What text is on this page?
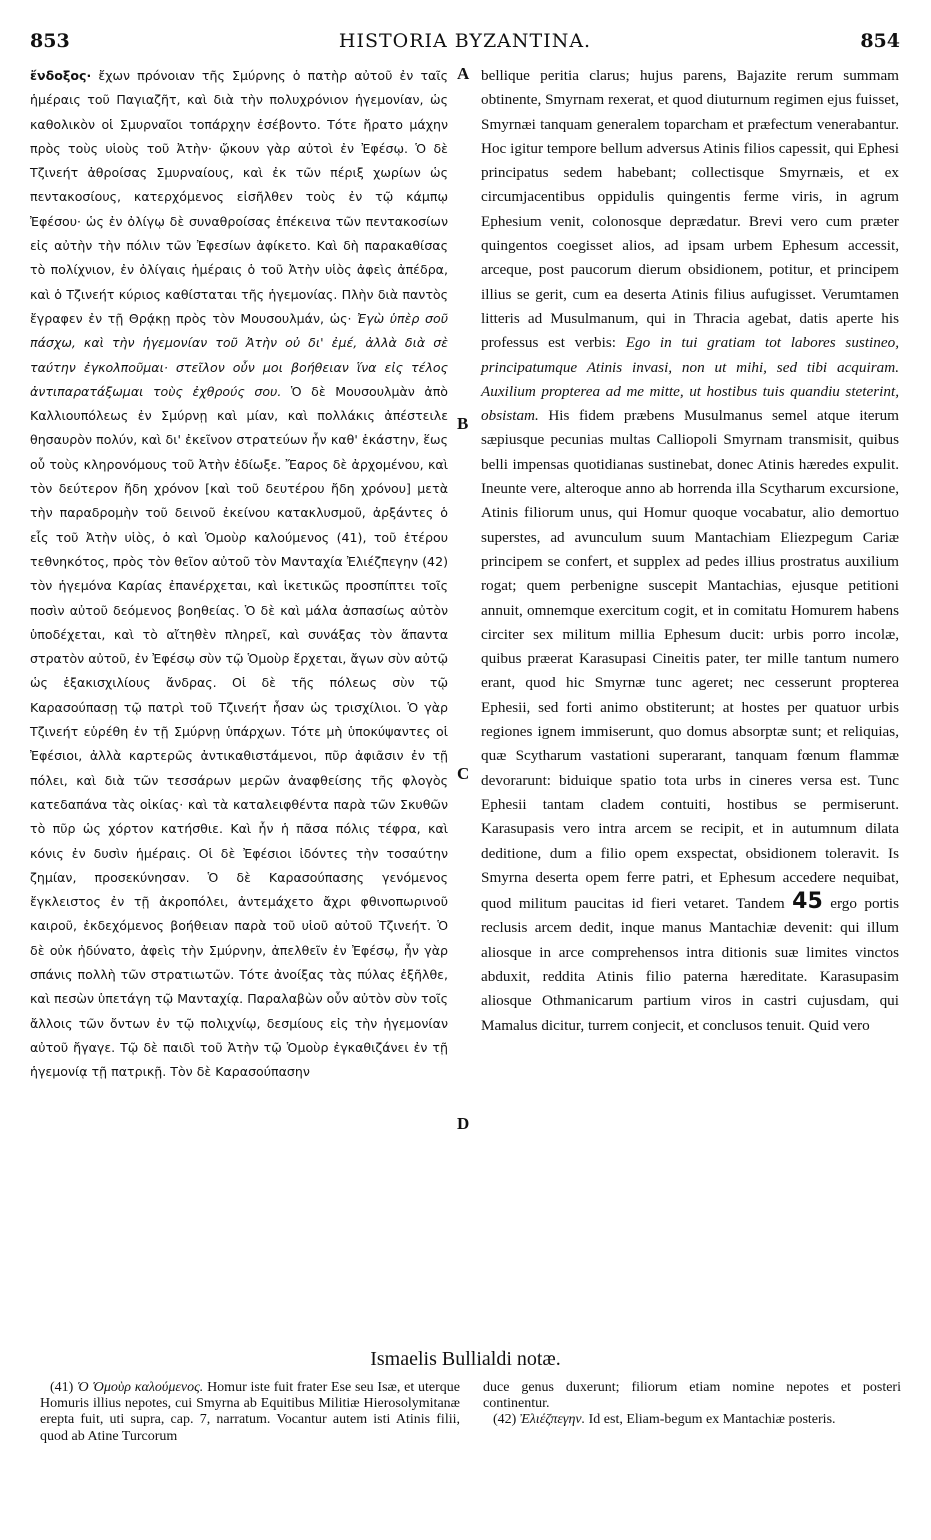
853	HISTORIA BYZANTINA.	854

ἔνδοξος· ἔχων πρόνοιαν τῆς Σμύρνης ὁ πατὴρ αὐτοῦ ἐν ταῖς ἡμέραις τοῦ Παγιαζῆτ, καὶ διὰ τὴν πολυχρόνιον ἡγεμονίαν, ὡς καθολικὸν οἱ Σμυρναῖοι τοπάρχην ἐσέβοντο. Τότε ἤρατο μάχην πρὸς τοὺς υἱοὺς τοῦ Ἀτὴν· ᾤκουν γὰρ αὐτοὶ ἐν Ἐφέσῳ. Ὁ δὲ Τζινεήτ ἀθροίσας Σμυρναίους, καὶ ἐκ τῶν πέριξ χωρίων ὡς πεντακοσίους, κατερχόμενος εἰσῆλθεν τοὺς ἐν τῷ κάμπῳ Ἐφέσου· ὡς ἐν ὀλίγῳ δὲ συναθροίσας ἐπέκεινα τῶν πεντακοσίων εἰς αὐτὴν τὴν πόλιν τῶν Ἐφεσίων ἀφίκετο. Καὶ δὴ παρακαθίσας τὸ πολίχνιον, ἐν ὀλίγαις ἡμέραις ὁ τοῦ Ἀτὴν υἱὸς ἀφεὶς ἀπέδρα, καὶ ὁ Τζινεήτ κύριος καθίσταται τῆς ἡγεμονίας. Πλὴν διὰ παντὸς ἔγραφεν ἐν τῇ Θρᾴκῃ πρὸς τὸν Μουσουλμάν, ὡς· Ἐγὼ ὑπὲρ σοῦ πάσχω, καὶ τὴν ἡγεμονίαν τοῦ Ἀτὴν οὐ δι' ἐμέ, ἀλλὰ διὰ σὲ ταύτην ἐγκολποῦμαι· στεῖλον οὖν μοι βοήθειαν ἵνα εἰς τέλος ἀντιπαρατάξωμαι τοὺς ἐχθρούς σου. Ὁ δὲ Μουσουλμὰν ἀπὸ Καλλιουπόλεως ἐν Σμύρνῃ καὶ μίαν, καὶ πολλάκις ἀπέστειλε θησαυρὸν πολύν, καὶ δι' ἐκεῖνον στρατεύων ἦν καθ' ἑκάστην, ἕως οὗ τοὺς κληρονόμους τοῦ Ἀτὴν ἐδίωξε. Ἔαρος δὲ ἀρχομένου, καὶ τὸν δεύτερον ἤδη χρόνον [καὶ τοῦ δευτέρου ἤδη χρόνου] μετὰ τὴν παραδρομὴν τοῦ δεινοῦ ἐκείνου κατακλυσμοῦ, ἀρξάντες ὁ εἷς τοῦ Ἀτὴν υἱὸς, ὁ καὶ Ὁμοὺρ καλούμενος (41), τοῦ ἑτέρου τεθνηκότος, πρὸς τὸν θεῖον αὐτοῦ τὸν Μανταχία Ἐλιέζπεγην (42) τὸν ἡγεμόνα Καρίας ἐπανέρχεται, καὶ ἱκετικῶς προσπίπτει τοῖς ποσὶν αὐτοῦ δεόμενος βοηθείας. Ὁ δὲ καὶ μάλα ἀσπασίως αὐτὸν ὑποδέχεται, καὶ τὸ αἴτηθὲν πληρεῖ, καὶ συνάξας τὸν ἅπαντα στρατὸν αὐτοῦ, ἐν Ἐφέσῳ σὺν τῷ Ὁμοὺρ ἔρχεται, ἄγων σὺν αὐτῷ ὡς ἑξακισχιλίους ἄνδρας. Οἱ δὲ τῆς πόλεως σὺν τῷ Καρασούπασῃ τῷ πατρὶ τοῦ Τζινεήτ ἦσαν ὡς τρισχίλιοι. Ὁ γὰρ Τζινεήτ εὑρέθη ἐν τῇ Σμύρνῃ ὑπάρχων. Τότε μὴ ὑποκύψαντες οἱ Ἐφέσιοι, ἀλλὰ καρτερῶς ἀντικαθιστάμενοι, πῦρ ἀφιᾶσιν ἐν τῇ πόλει, καὶ διὰ τῶν τεσσάρων μερῶν ἀναφθείσης τῆς φλογὸς κατεδαπάνα τὰς οἰκίας· καὶ τὰ καταλειφθέντα παρὰ τῶν Σκυθῶν τὸ πῦρ ὡς χόρτον κατήσθιε. Καὶ ἦν ἡ πᾶσα πόλις τέφρα, καὶ κόνις ἐν δυσὶν ἡμέραις. Οἱ δὲ Ἐφέσιοι ἰδόντες τὴν τοσαύτην ζημίαν, προσεκύνησαν. Ὁ δὲ Καρασούπασης γενόμενος ἔγκλειστος ἐν τῇ ἀκροπόλει, ἀντεμάχετο ἄχρι φθινοπωρινοῦ καιροῦ, ἐκδεχόμενος βοήθειαν παρὰ τοῦ υἱοῦ αὐτοῦ Τζινεήτ. Ὁ δὲ οὐκ ἠδύνατο, ἀφεὶς τὴν Σμύρνην, ἀπελθεῖν ἐν Ἐφέσῳ, ἦν γὰρ σπάνις πολλὴ τῶν στρατιωτῶν. Τότε ἀνοίξας τὰς πύλας ἐξῆλθε, καὶ πεσὼν ὑπετάγη τῷ Μανταχίᾳ. Παραλαβὼν οὖν αὐτὸν σὺν τοῖς ἄλλοις τῶν ὄντων ἐν τῷ πολιχνίῳ, δεσμίους εἰς τὴν ἡγεμονίαν αὐτοῦ ἤγαγε. Τῷ δὲ παιδὶ τοῦ Ἀτὴν τῷ Ὁμοὺρ ἐγκαθιζάνει ἐν τῇ ἡγεμονίᾳ τῇ πατρικῇ. Τὸν δὲ Καρασούπασην

A
B
C
D

bellique peritia clarus; hujus parens, Bajazite rerum summam obtinente, Smyrnam rexerat, et quod diuturnum regimen ejus fuisset, Smyrnæi tanquam generalem toparcham et præfectum venerabantur. Hoc igitur tempore bellum adversus Atinis filios capessit, qui Ephesi principatus sedem habebant; collectisque Smyrnæis, et ex circumjacentibus oppidulis quingentis ferme viris, in agrum Ephesium venit, colonosque deprædatur. Brevi vero cum præter quingentos coegisset alios, ad ipsam urbem Ephesum accessit, arceque, post paucorum dierum obsidionem, potitur, et principem illius se gerit, cum ea deserta Atinis filius aufugisset. Verumtamen litteris ad Musulmanum, qui in Thracia agebat, datis aperte his professus est verbis: Ego in tui gratiam tot labores sustineo, principatumque Atinis invasi, non ut mihi, sed tibi acquiram. Auxilium propterea ad me mitte, ut hostibus tuis quandiu steterint, obsistam. His fidem præbens Musulmanus semel atque iterum sæpiusque pecunias multas Calliopoli Smyrnam transmisit, quibus belli impensas quotidianas sustinebat, donec Atinis hæredes expulit. Ineunte vere, alteroque anno ab horrenda illa Scytharum excursione, Atinis filiorum unus, qui Homur quoque vocabatur, alio demortuo superstes, ad avunculum suum Mantachiam Eliezpegum Cariæ principem se confert, et supplex ad pedes illius prostratus auxilium rogat; quem perbenigne suscepit Mantachias, ejusque petitioni annuit, omnemque exercitum cogit, et in comitatu Homurem habens circiter sex militum millia Ephesum ducit: urbis porro incolæ, quibus præerat Karasupasi Cineitis pater, ter mille tantum numero erant, quod hic Smyrnæ tunc ageret; nec cesserunt propterea Ephesii, sed forti animo obstiterunt; at hostes per quatuor urbis regiones ignem immiserunt, quo domus absorptæ sunt; et reliquias, quæ Scytharum vastationi superarant, tanquam fœnum flammæ devorarunt: biduique spatio tota urbs in cineres versa est. Tunc Ephesii tantam cladem contuiti, hostibus se permiserunt. Karasupasis vero intra arcem se recipit, et in autumnum dilata deditione, dum a filio opem exspectat, obsidionem toleravit. Is Smyrna deserta opem ferre patri, et Ephesum accedere nequibat, quod militum paucitas id fieri vetaret. Tandem 45 ergo portis reclusis arcem dedit, inque manus Mantachiæ devenit: qui illum aliosque in arce comprehensos intra ditionis suæ limites vinctos abduxit, reddita Atinis filio paterna hæreditate. Karasupasim aliosque Othmanicarum partium viros in castri cujusdam, qui Mamalus dicitur, turrem conjecit, et conclusos tenuit. Quid vero

Ismaelis Bullialdi notæ.

(41) Ὁ Ὁμοὺρ καλούμενος. Homur iste fuit frater Ese seu Isæ, et uterque Homuris illius nepotes, cui Smyrna ab Equitibus Militiæ Hierosolymitanæ erepta fuit, uti supra, cap. 7, narratum. Vocantur autem isti Atinis filii, quod ab Atine Turcorum

duce genus duxerunt; filiorum etiam nomine nepotes et posteri continentur.

(42) Ἐλιέζπεγην. Id est, Eliam-begum ex Mantachiæ posteris.
